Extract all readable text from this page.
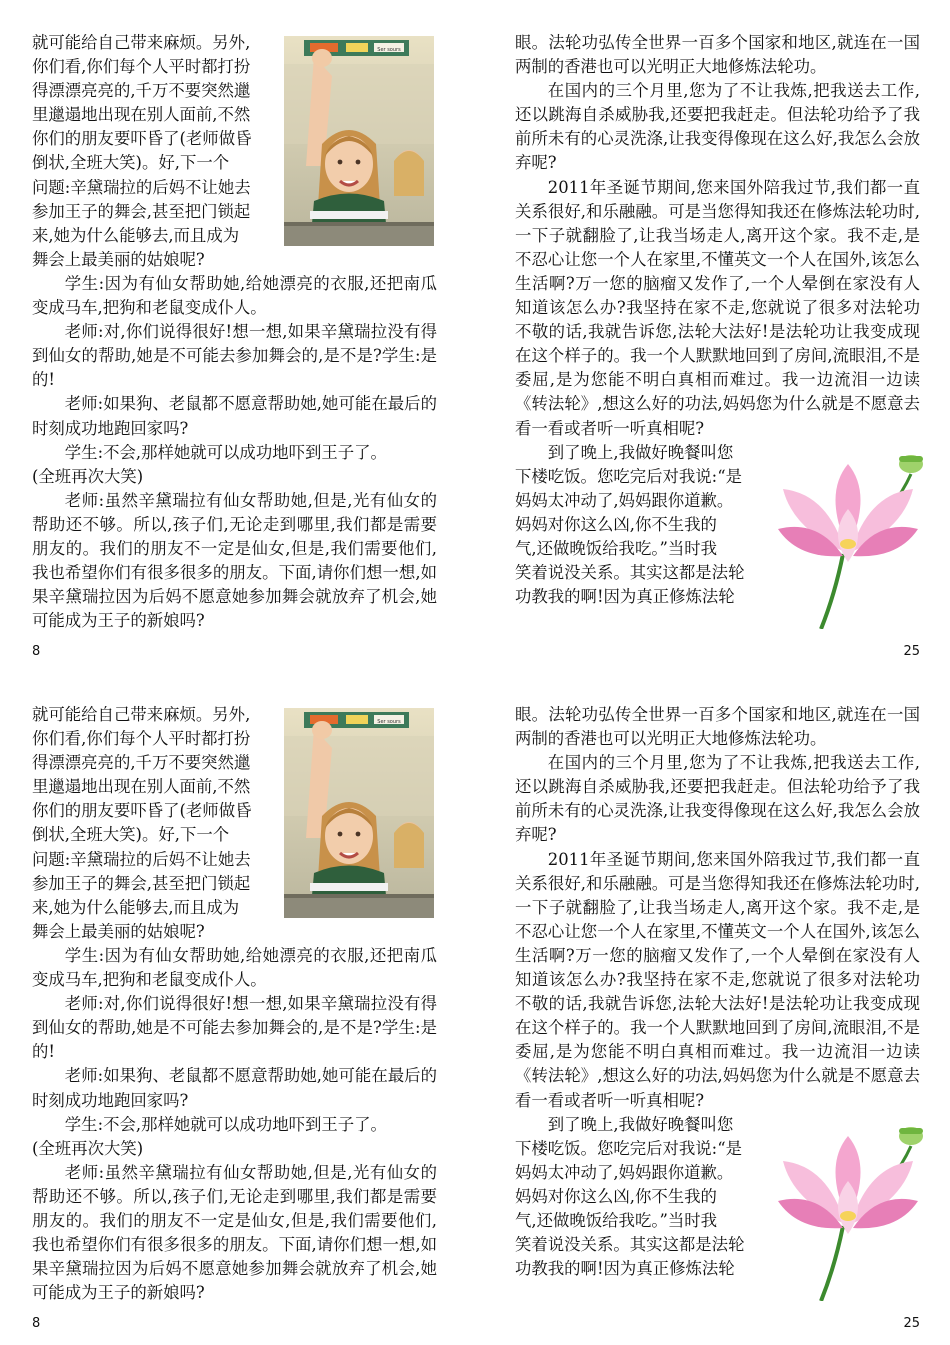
就可能给自己带来麻烦。另外,

你们看,你们每个人平时都打扮

得漂漂亮亮的,千万不要突然邋

里邋遢地出现在别人面前,不然

你们的朋友要吓昏了(老师做昏

倒状,全班大笑)。好,下一个

问题:辛黛瑞拉的后妈不让她去

参加王子的舞会,甚至把门锁起

来,她为什么能够去,而且成为

舞会上最美丽的姑娘呢?

学生:因为有仙女帮助她,给她漂亮的衣服,还把南瓜变成马车,把狗和老鼠变成仆人。

老师:对,你们说得很好!想一想,如果辛黛瑞拉没有得到仙女的帮助,她是不可能去参加舞会的,是不是?学生:是的!

老师:如果狗、老鼠都不愿意帮助她,她可能在最后的时刻成功地跑回家吗?

学生:不会,那样她就可以成功地吓到王子了。

(全班再次大笑)

老师:虽然辛黛瑞拉有仙女帮助她,但是,光有仙女的帮助还不够。所以,孩子们,无论走到哪里,我们都是需要朋友的。我们的朋友不一定是仙女,但是,我们需要他们,我也希望你们有很多很多的朋友。下面,请你们想一想,如果辛黛瑞拉因为后妈不愿意她参加舞会就放弃了机会,她可能成为王子的新娘吗?

Ser sours
8

眼。法轮功弘传全世界一百多个国家和地区,就连在一国两制的香港也可以光明正大地修炼法轮功。

在国内的三个月里,您为了不让我炼,把我送去工作,还以跳海自杀威胁我,还要把我赶走。但法轮功给予了我前所未有的心灵洗涤,让我变得像现在这么好,我怎么会放弃呢?

2011年圣诞节期间,您来国外陪我过节,我们都一直关系很好,和乐融融。可是当您得知我还在修炼法轮功时,一下子就翻脸了,让我当场走人,离开这个家。我不走,是不忍心让您一个人在家里,不懂英文一个人在国外,该怎么生活啊?万一您的脑瘤又发作了,一个人晕倒在家没有人知道该怎么办?我坚持在家不走,您就说了很多对法轮功不敬的话,我就告诉您,法轮大法好!是法轮功让我变成现在这个样子的。我一个人默默地回到了房间,流眼泪,不是委屈,是为您能不明白真相而难过。我一边流泪一边读《转法轮》,想这么好的功法,妈妈您为什么就是不愿意去看一看或者听一听真相呢?

到了晚上,我做好晚餐叫您

下楼吃饭。您吃完后对我说:“是

妈妈太冲动了,妈妈跟你道歉。

妈妈对你这么凶,你不生我的

气,还做晚饭给我吃。”当时我

笑着说没关系。其实这都是法轮

功教我的啊!因为真正修炼法轮

25

就可能给自己带来麻烦。另外,

你们看,你们每个人平时都打扮

得漂漂亮亮的,千万不要突然邋

里邋遢地出现在别人面前,不然

你们的朋友要吓昏了(老师做昏

倒状,全班大笑)。好,下一个

问题:辛黛瑞拉的后妈不让她去

参加王子的舞会,甚至把门锁起

来,她为什么能够去,而且成为

舞会上最美丽的姑娘呢?

学生:因为有仙女帮助她,给她漂亮的衣服,还把南瓜变成马车,把狗和老鼠变成仆人。

老师:对,你们说得很好!想一想,如果辛黛瑞拉没有得到仙女的帮助,她是不可能去参加舞会的,是不是?学生:是的!

老师:如果狗、老鼠都不愿意帮助她,她可能在最后的时刻成功地跑回家吗?

学生:不会,那样她就可以成功地吓到王子了。

(全班再次大笑)

老师:虽然辛黛瑞拉有仙女帮助她,但是,光有仙女的帮助还不够。所以,孩子们,无论走到哪里,我们都是需要朋友的。我们的朋友不一定是仙女,但是,我们需要他们,我也希望你们有很多很多的朋友。下面,请你们想一想,如果辛黛瑞拉因为后妈不愿意她参加舞会就放弃了机会,她可能成为王子的新娘吗?

Ser sours
8

眼。法轮功弘传全世界一百多个国家和地区,就连在一国两制的香港也可以光明正大地修炼法轮功。

在国内的三个月里,您为了不让我炼,把我送去工作,还以跳海自杀威胁我,还要把我赶走。但法轮功给予了我前所未有的心灵洗涤,让我变得像现在这么好,我怎么会放弃呢?

2011年圣诞节期间,您来国外陪我过节,我们都一直关系很好,和乐融融。可是当您得知我还在修炼法轮功时,一下子就翻脸了,让我当场走人,离开这个家。我不走,是不忍心让您一个人在家里,不懂英文一个人在国外,该怎么生活啊?万一您的脑瘤又发作了,一个人晕倒在家没有人知道该怎么办?我坚持在家不走,您就说了很多对法轮功不敬的话,我就告诉您,法轮大法好!是法轮功让我变成现在这个样子的。我一个人默默地回到了房间,流眼泪,不是委屈,是为您能不明白真相而难过。我一边流泪一边读《转法轮》,想这么好的功法,妈妈您为什么就是不愿意去看一看或者听一听真相呢?

到了晚上,我做好晚餐叫您

下楼吃饭。您吃完后对我说:“是

妈妈太冲动了,妈妈跟你道歉。

妈妈对你这么凶,你不生我的

气,还做晚饭给我吃。”当时我

笑着说没关系。其实这都是法轮

功教我的啊!因为真正修炼法轮

25
